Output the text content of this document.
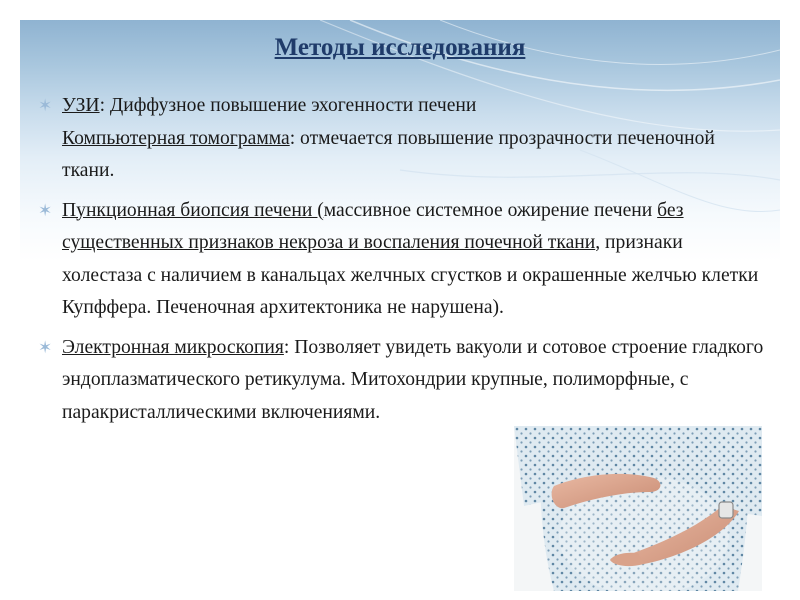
Методы исследования
✶ УЗИ: Диффузное повышение эхогенности печени
Компьютерная томограмма: отмечается повышение прозрачности печеночной ткани.
✶ Пункционная биопсия печени (массивное системное ожирение печени без существенных признаков некроза и воспаления почечной ткани, признаки холестаза с наличием в канальцах желчных сгустков и окрашенные желчью клетки Купффера. Печеночная архитектоника не нарушена).
✶ Электронная микроскопия: Позволяет увидеть вакуоли и сотовое строение гладкого эндоплазматического ретикулума. Митохондрии крупные, полиморфные, с паракристаллическими включениями.
